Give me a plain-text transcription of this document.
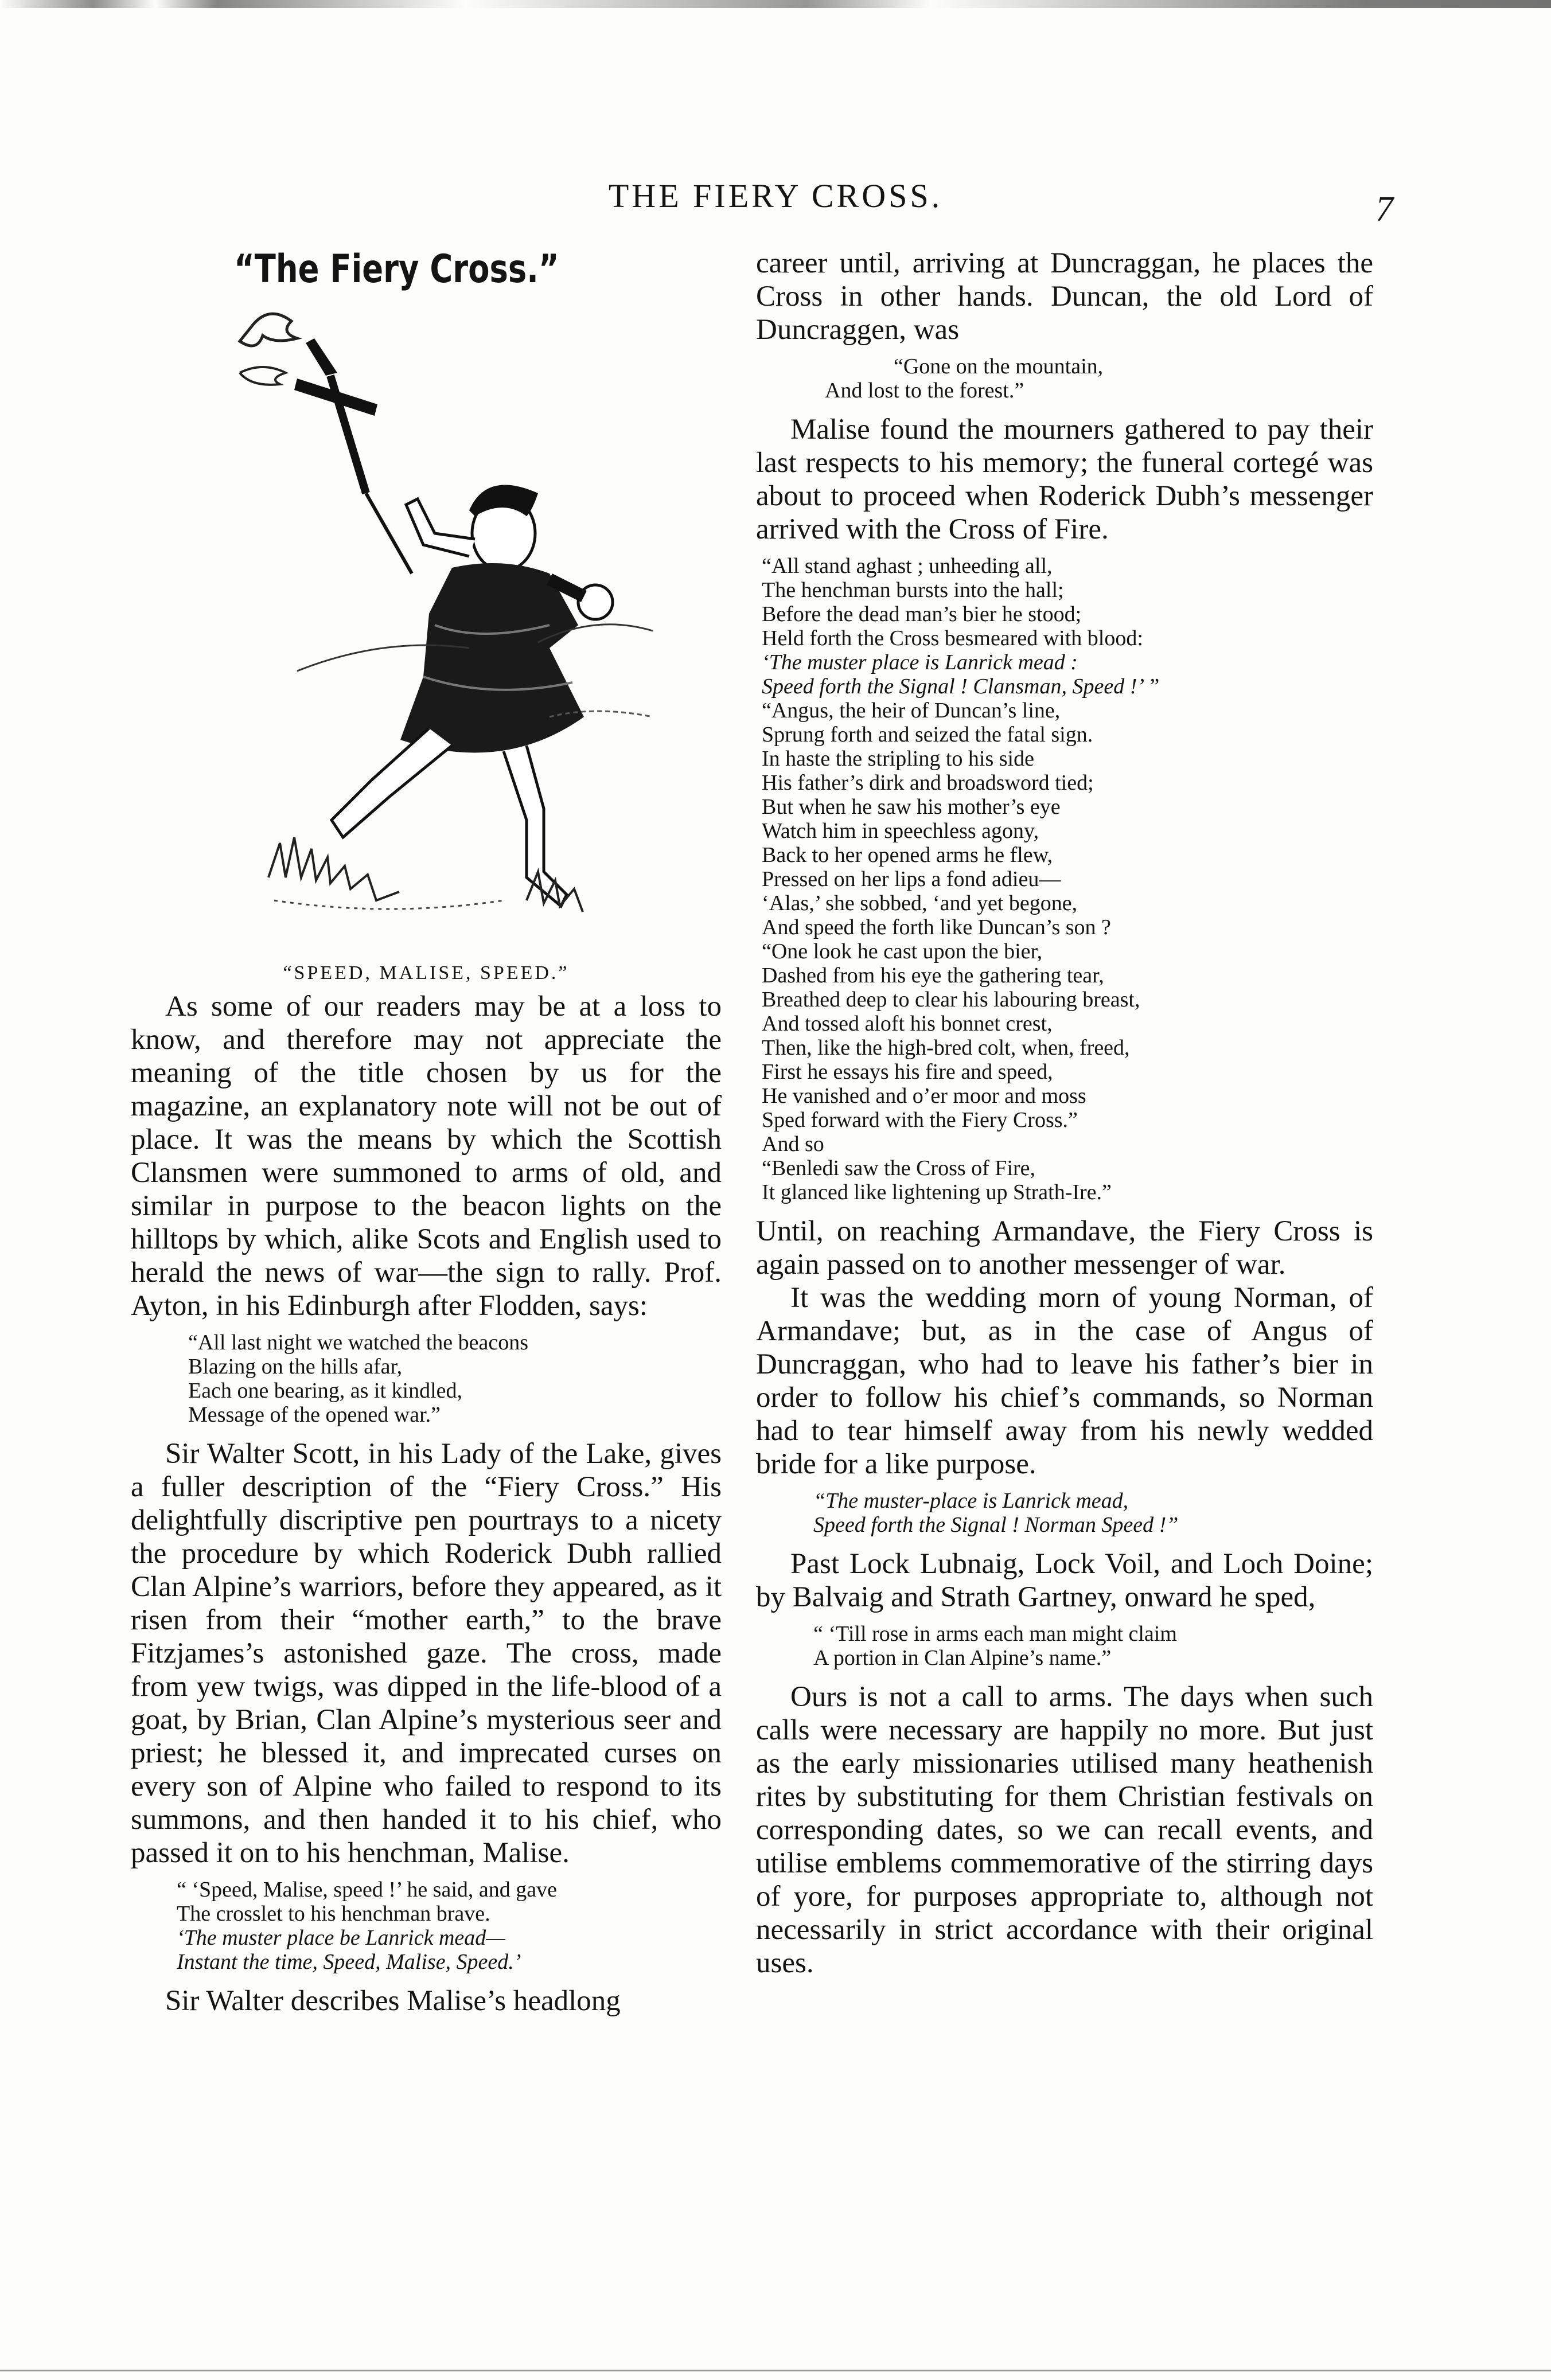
THE FIERY CROSS.	7
“The Fiery Cross.”
“SPEED, MALISE, SPEED.”

As some of our readers may be at a loss to know, and therefore may not appreciate the meaning of the title chosen by us for the magazine, an explanatory note will not be out of place. It was the means by which the Scottish Clansmen were summoned to arms of old, and similar in purpose to the beacon lights on the hilltops by which, alike Scots and English used to herald the news of war—the sign to rally. Prof. Ayton, in his Edinburgh after Flodden, says:

“All last night we watched the beacons
Blazing on the hills afar,
Each one bearing, as it kindled,
Message of the opened war.”

Sir Walter Scott, in his Lady of the Lake, gives a fuller description of the “Fiery Cross.” His delightfully discriptive pen pourtrays to a nicety the procedure by which Roderick Dubh rallied Clan Alpine’s warriors, before they appeared, as it risen from their “mother earth,” to the brave Fitzjames’s astonished gaze. The cross, made from yew twigs, was dipped in the life-blood of a goat, by Brian, Clan Alpine’s mysterious seer and priest; he blessed it, and imprecated curses on every son of Alpine who failed to respond to its summons, and then handed it to his chief, who passed it on to his henchman, Malise.

“ ‘Speed, Malise, speed !’ he said, and gave
The crosslet to his henchman brave.
‘The muster place be Lanrick mead—
Instant the time, Speed, Malise, Speed.’

Sir Walter describes Malise’s headlong

career until, arriving at Duncraggan, he places the Cross in other hands. Duncan, the old Lord of Duncraggen, was

“Gone on the mountain,
And lost to the forest.”

Malise found the mourners gathered to pay their last respects to his memory; the funeral cortegé was about to proceed when Roderick Dubh’s messenger arrived with the Cross of Fire.

“All stand aghast ; unheeding all,
The henchman bursts into the hall;
Before the dead man’s bier he stood;
Held forth the Cross besmeared with blood:
‘The muster place is Lanrick mead :
Speed forth the Signal ! Clansman, Speed !’ ”
“Angus, the heir of Duncan’s line,
Sprung forth and seized the fatal sign.
In haste the stripling to his side
His father’s dirk and broadsword tied;
But when he saw his mother’s eye
Watch him in speechless agony,
Back to her opened arms he flew,
Pressed on her lips a fond adieu—
‘Alas,’ she sobbed, ‘and yet begone,
And speed the forth like Duncan’s son ?
“One look he cast upon the bier,
Dashed from his eye the gathering tear,
Breathed deep to clear his labouring breast,
And tossed aloft his bonnet crest,
Then, like the high-bred colt, when, freed,
First he essays his fire and speed,
He vanished and o’er moor and moss
Sped forward with the Fiery Cross.”
And so
“Benledi saw the Cross of Fire,
It glanced like lightening up Strath-Ire.”

Until, on reaching Armandave, the Fiery Cross is again passed on to another messenger of war.

It was the wedding morn of young Norman, of Armandave; but, as in the case of Angus of Duncraggan, who had to leave his father’s bier in order to follow his chief’s commands, so Norman had to tear himself away from his newly wedded bride for a like purpose.

“The muster-place is Lanrick mead,
Speed forth the Signal ! Norman Speed !”

Past Lock Lubnaig, Lock Voil, and Loch Doine; by Balvaig and Strath Gartney, onward he sped,

“ ‘Till rose in arms each man might claim
A portion in Clan Alpine’s name.”

Ours is not a call to arms. The days when such calls were necessary are happily no more. But just as the early missionaries utilised many heathenish rites by substituting for them Christian festivals on corresponding dates, so we can recall events, and utilise emblems commemorative of the stirring days of yore, for purposes appropriate to, although not necessarily in strict accordance with their original uses.
